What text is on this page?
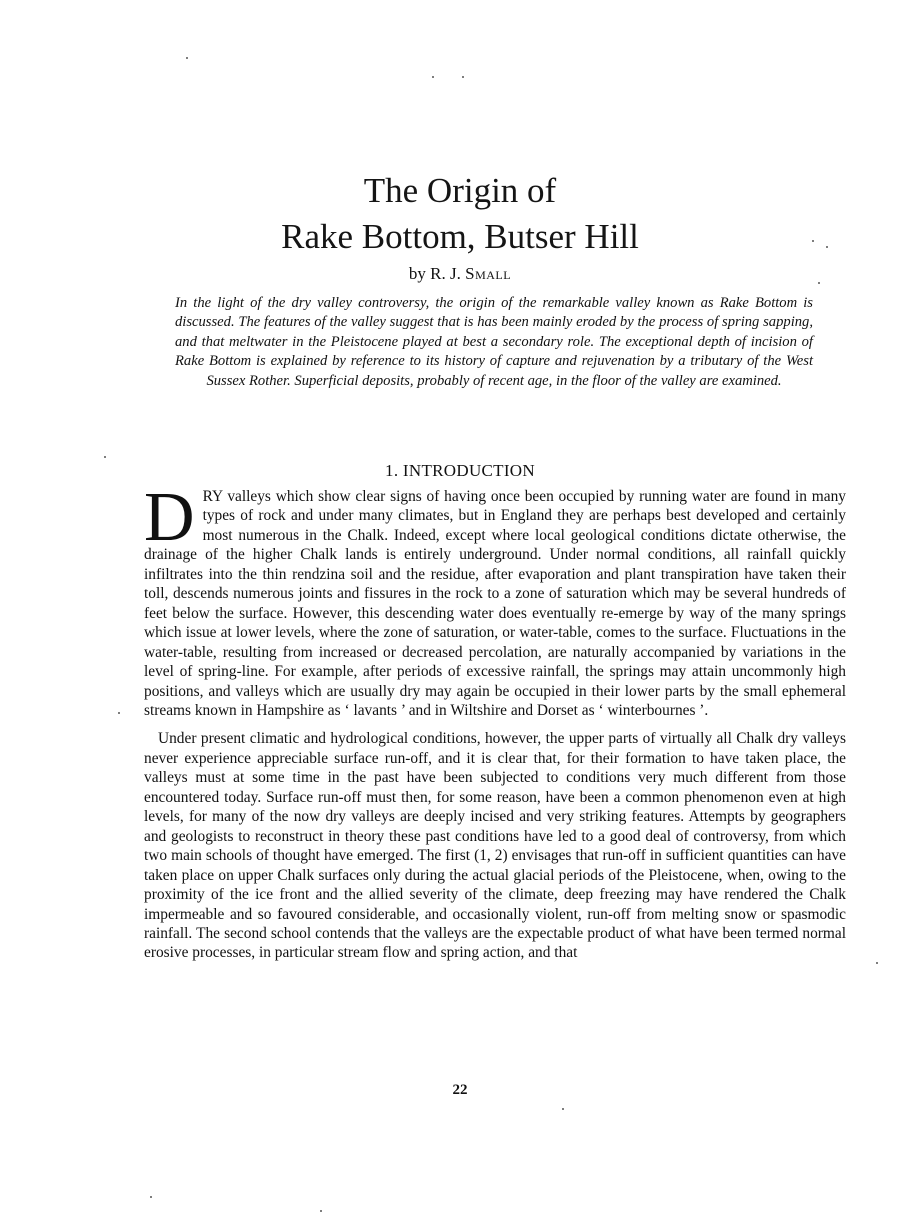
The Origin of
Rake Bottom, Butser Hill
by R. J. Small
In the light of the dry valley controversy, the origin of the remarkable valley known as Rake Bottom is discussed. The features of the valley suggest that is has been mainly eroded by the process of spring sapping, and that meltwater in the Pleistocene played at best a secondary role. The exceptional depth of incision of Rake Bottom is explained by reference to its history of capture and rejuvenation by a tributary of the West Sussex Rother. Superficial deposits, probably of recent age, in the floor of the valley are examined.
1. INTRODUCTION

DRY valleys which show clear signs of having once been occupied by running water are found in many types of rock and under many climates, but in England they are perhaps best developed and certainly most numerous in the Chalk. Indeed, except where local geological conditions dictate otherwise, the drainage of the higher Chalk lands is entirely underground. Under normal conditions, all rainfall quickly infiltrates into the thin rendzina soil and the residue, after evaporation and plant transpiration have taken their toll, descends numerous joints and fissures in the rock to a zone of saturation which may be several hundreds of feet below the surface. However, this descending water does eventually re-emerge by way of the many springs which issue at lower levels, where the zone of saturation, or water-table, comes to the surface. Fluctuations in the water-table, resulting from increased or decreased percolation, are naturally accompanied by variations in the level of spring-line. For example, after periods of excessive rainfall, the springs may attain uncommonly high positions, and valleys which are usually dry may again be occupied in their lower parts by the small ephemeral streams known in Hampshire as ‘ lavants ’ and in Wiltshire and Dorset as ‘ winterbournes ’.

Under present climatic and hydrological conditions, however, the upper parts of virtually all Chalk dry valleys never experience appreciable surface run-off, and it is clear that, for their formation to have taken place, the valleys must at some time in the past have been subjected to conditions very much different from those encountered today. Surface run-off must then, for some reason, have been a common phenomenon even at high levels, for many of the now dry valleys are deeply incised and very striking features. Attempts by geographers and geologists to reconstruct in theory these past conditions have led to a good deal of controversy, from which two main schools of thought have emerged. The first (1, 2) envisages that run-off in sufficient quantities can have taken place on upper Chalk surfaces only during the actual glacial periods of the Pleistocene, when, owing to the proximity of the ice front and the allied severity of the climate, deep freezing may have rendered the Chalk impermeable and so favoured considerable, and occasionally violent, run-off from melting snow or spasmodic rainfall. The second school contends that the valleys are the expectable product of what have been termed normal erosive processes, in particular stream flow and spring action, and that

22
